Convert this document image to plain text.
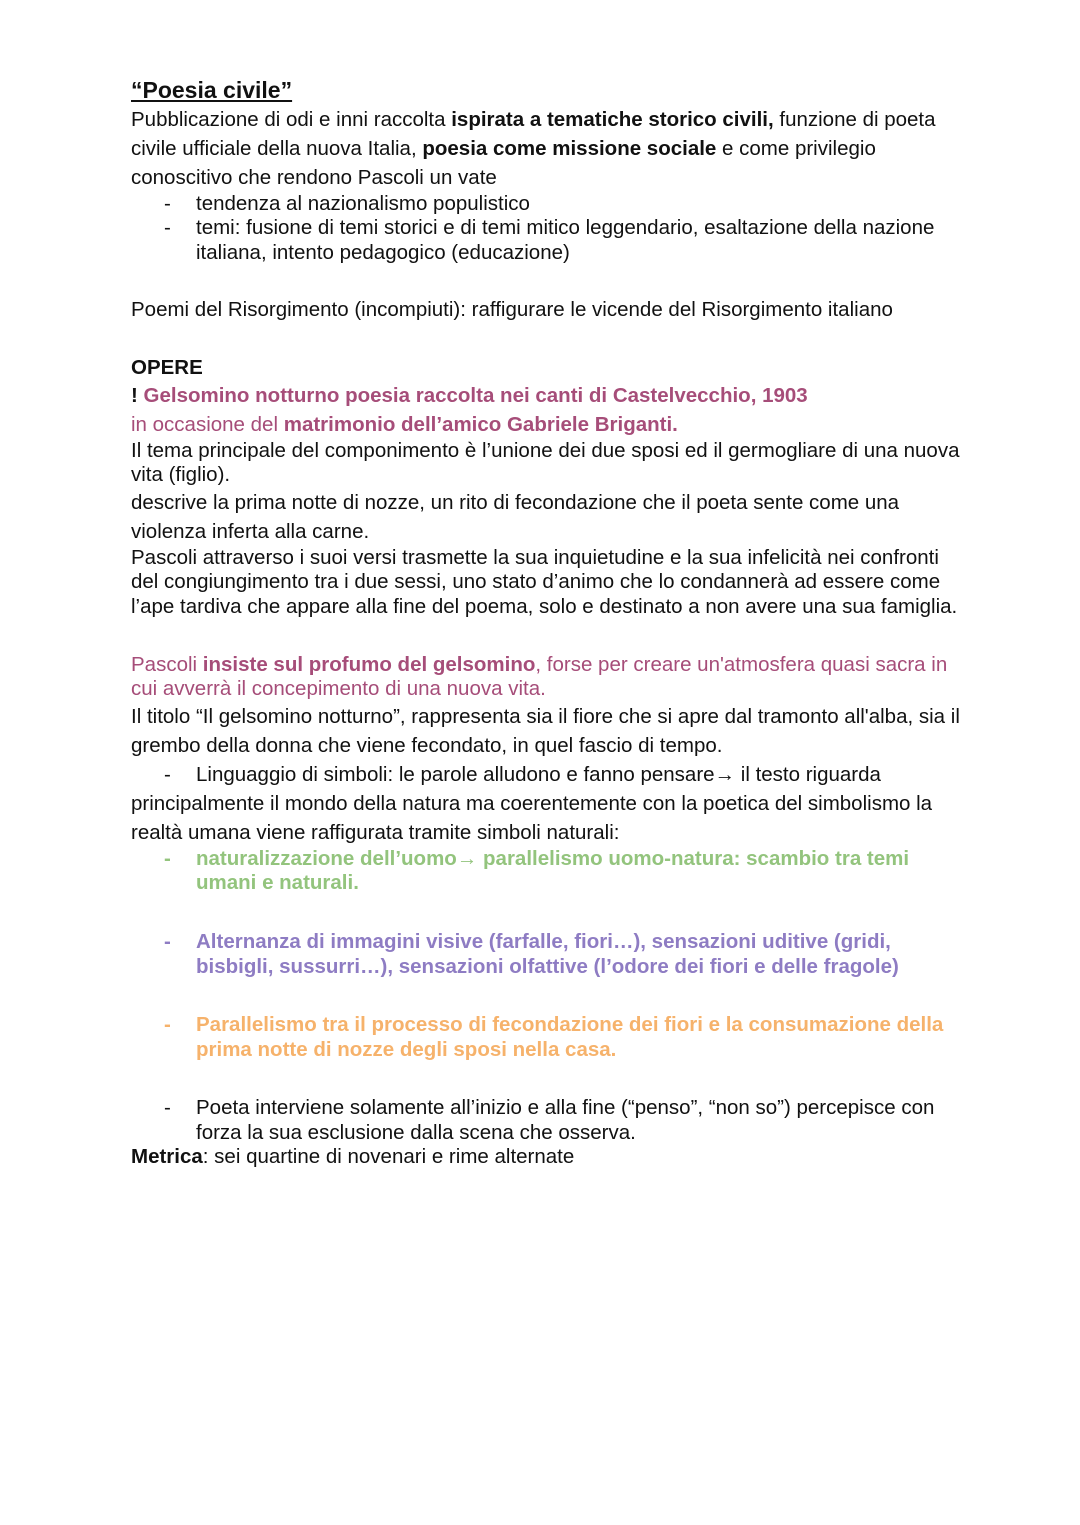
“Poesia civile”

Pubblicazione di odi e inni raccolta ispirata a tematiche storico civili, funzione di poeta civile ufficiale della nuova Italia, poesia come missione sociale e come privilegio conoscitivo che rendono Pascoli un vate

- tendenza al nazionalismo populistico
- temi: fusione di temi storici e di temi mitico leggendario, esaltazione della nazione italiana, intento pedagogico (educazione)

Poemi del Risorgimento (incompiuti): raffigurare le vicende del Risorgimento italiano

OPERE

! Gelsomino notturno poesia raccolta nei canti di Castelvecchio, 1903

in occasione del matrimonio dell’amico Gabriele Briganti.

Il tema principale del componimento è l’unione dei due sposi ed il germogliare di una nuova vita (figlio).

descrive la prima notte di nozze, un rito di fecondazione che il poeta sente come una violenza inferta alla carne.

Pascoli attraverso i suoi versi trasmette la sua inquietudine e la sua infelicità nei confronti del congiungimento tra i due sessi, uno stato d’animo che lo condannerà ad essere come l’ape tardiva che appare alla fine del poema, solo e destinato a non avere una sua famiglia.

Pascoli insiste sul profumo del gelsomino, forse per creare un'atmosfera quasi sacra in cui avverrà il concepimento di una nuova vita.

Il titolo “Il gelsomino notturno”, rappresenta sia il fiore che si apre dal tramonto all'alba, sia il grembo della donna che viene fecondato, in quel fascio di tempo.

- Linguaggio di simboli: le parole alludono e fanno pensare→ il testo riguarda
principalmente il mondo della natura ma coerentemente con la poetica del simbolismo la realtà umana viene raffigurata tramite simboli naturali:

- naturalizzazione dell’uomo→ parallelismo uomo-natura: scambio tra temi umani e naturali.
- Alternanza di immagini visive (farfalle, fiori…), sensazioni uditive (gridi, bisbigli, sussurri…), sensazioni olfattive (l’odore dei fiori e delle fragole)
- Parallelismo tra il processo di fecondazione dei fiori e la consumazione della prima notte di nozze degli sposi nella casa.
- Poeta interviene solamente all’inizio e alla fine (“penso”, “non so”) percepisce con forza la sua esclusione dalla scena che osserva.

Metrica: sei quartine di novenari e rime alternate
